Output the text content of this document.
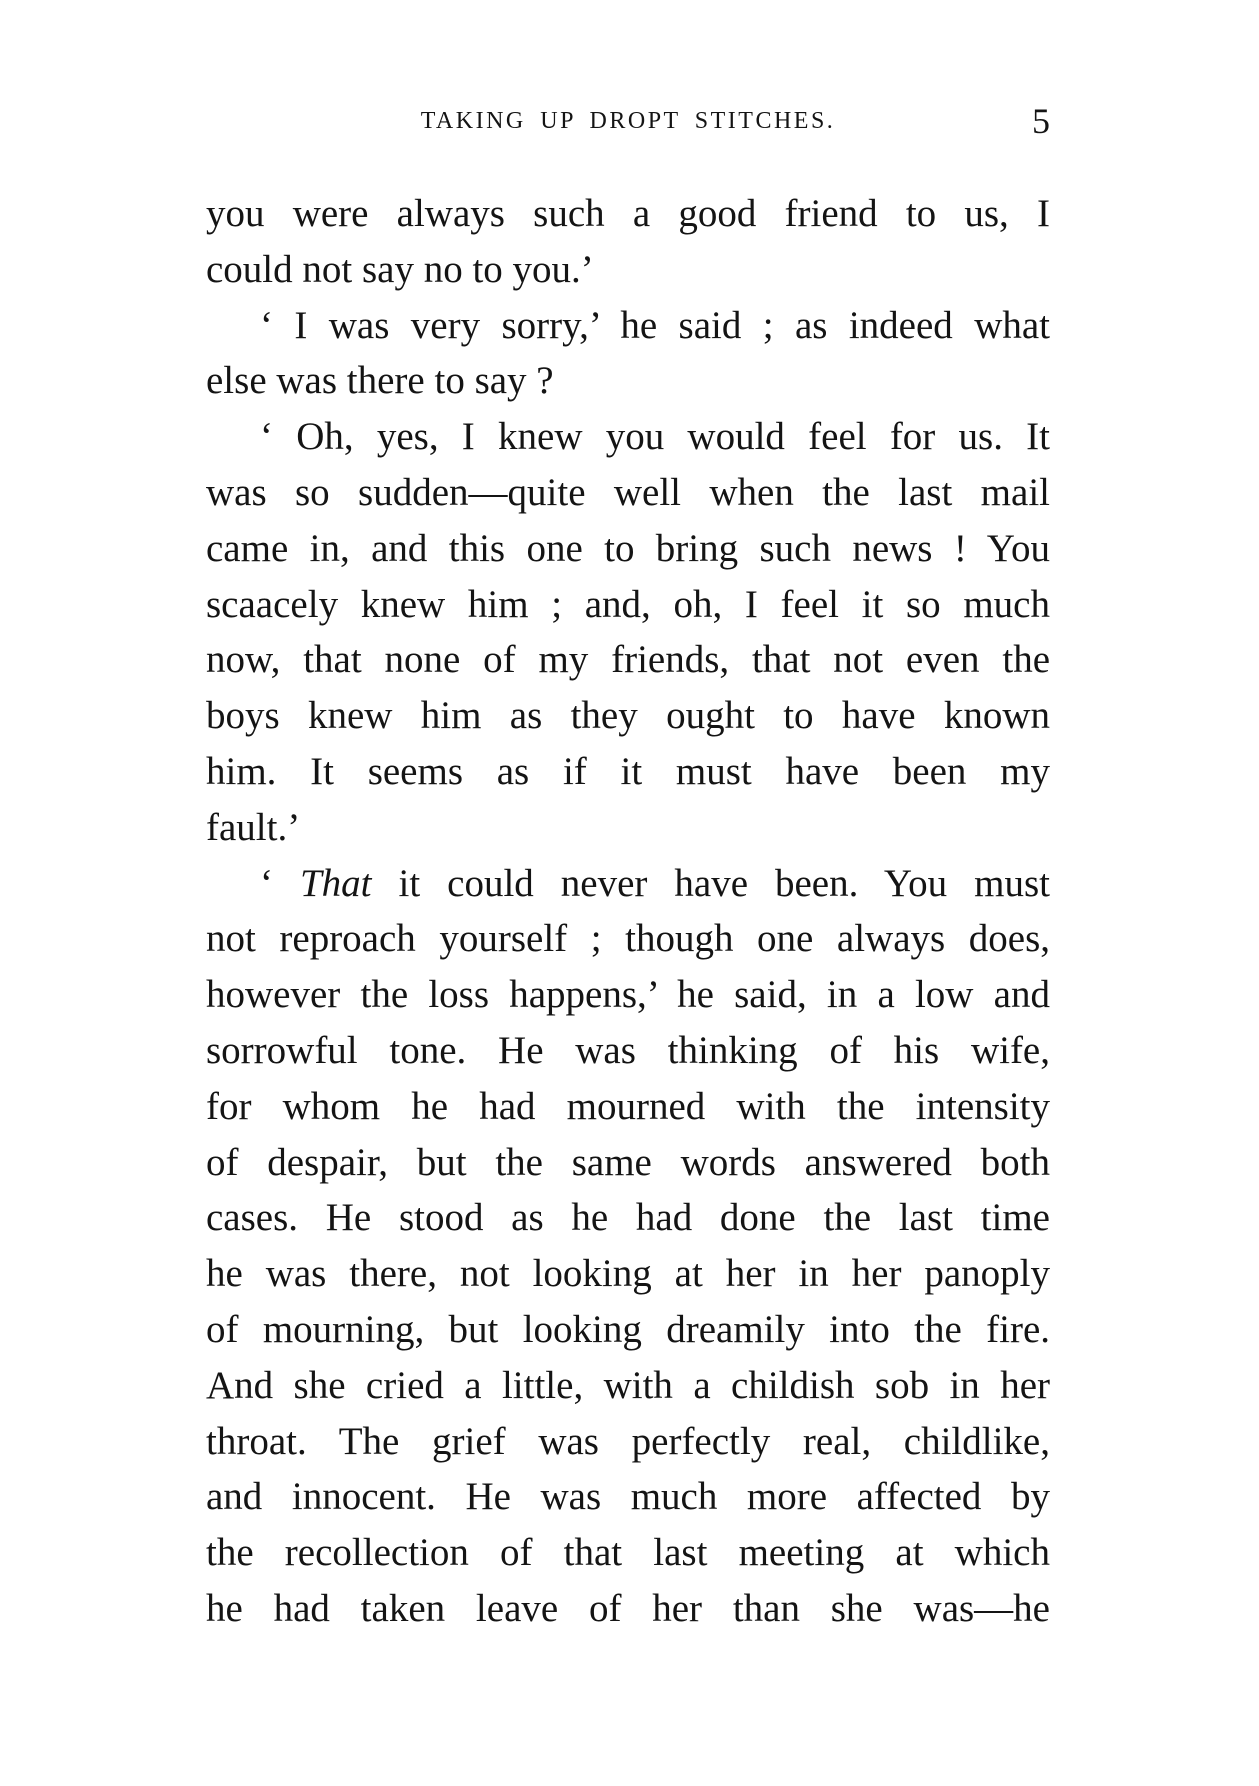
TAKING UP DROPT STITCHES.	5
you were always such a good friend to us, I
could not say no to you.’
‘ I was very sorry,’ he said ; as indeed what
else was there to say ?
‘ Oh, yes, I knew you would feel for us. It
was so sudden—quite well when the last mail
came in, and this one to bring such news ! You
scaacely knew him ; and, oh, I feel it so much
now, that none of my friends, that not even the
boys knew him as they ought to have known
him. It seems as if it must have been my
fault.’
‘ That it could never have been. You must
not reproach yourself ; though one always does,
however the loss happens,’ he said, in a low and
sorrowful tone. He was thinking of his wife,
for whom he had mourned with the intensity
of despair, but the same words answered both
cases. He stood as he had done the last time
he was there, not looking at her in her panoply
of mourning, but looking dreamily into the fire.
And she cried a little, with a childish sob in her
throat. The grief was perfectly real, childlike,
and innocent. He was much more affected by
the recollection of that last meeting at which
he had taken leave of her than she was—he
